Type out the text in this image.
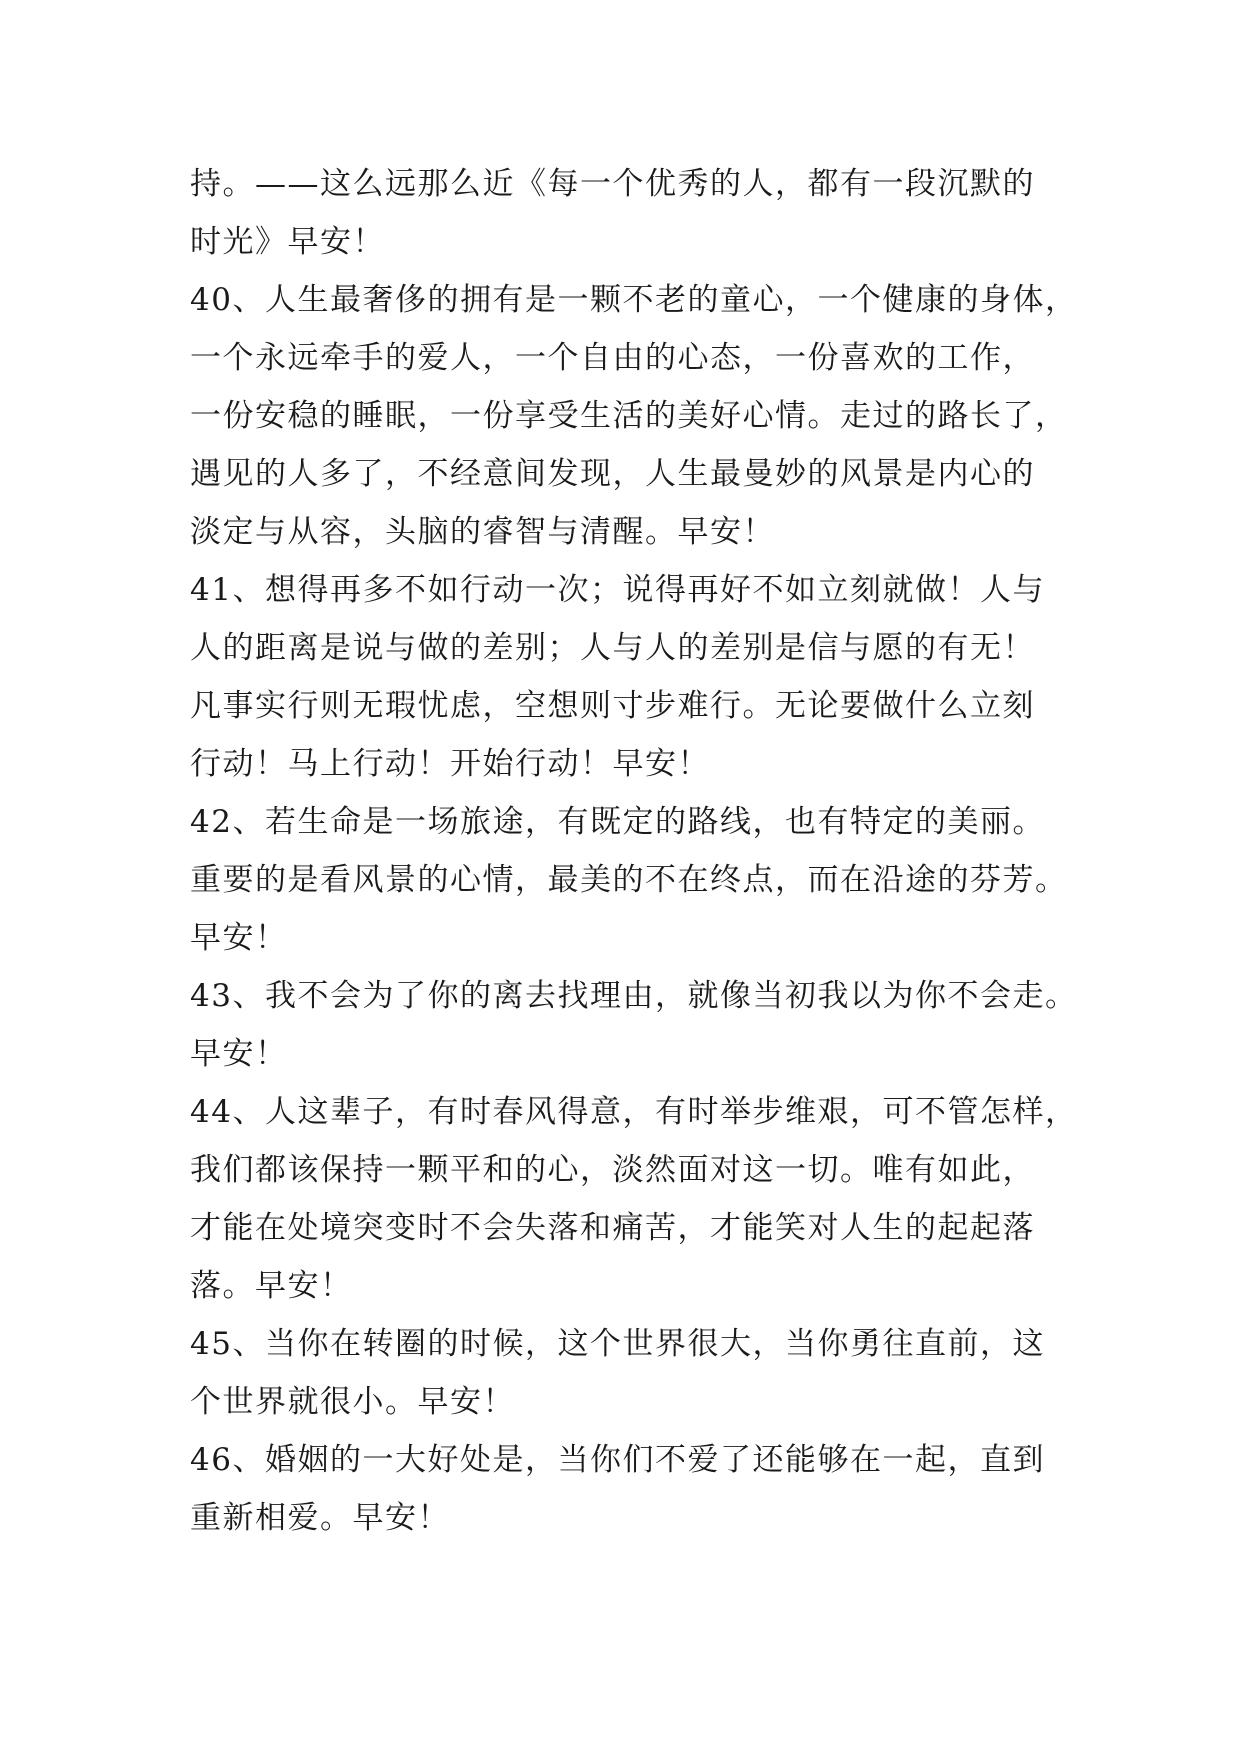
持。——这么远那么近《每一个优秀的人，都有一段沉默的
时光》早安！
40、人生最奢侈的拥有是一颗不老的童心，一个健康的身体，
一个永远牵手的爱人，一个自由的心态，一份喜欢的工作，
一份安稳的睡眠，一份享受生活的美好心情。走过的路长了，
遇见的人多了，不经意间发现，人生最曼妙的风景是内心的
淡定与从容，头脑的睿智与清醒。早安！
41、想得再多不如行动一次；说得再好不如立刻就做！人与
人的距离是说与做的差别；人与人的差别是信与愿的有无！
凡事实行则无瑕忧虑，空想则寸步难行。无论要做什么立刻
行动！马上行动！开始行动！早安！
42、若生命是一场旅途，有既定的路线，也有特定的美丽。
重要的是看风景的心情，最美的不在终点，而在沿途的芬芳。
早安！
43、我不会为了你的离去找理由，就像当初我以为你不会走。
早安！
44、人这辈子，有时春风得意，有时举步维艰，可不管怎样，
我们都该保持一颗平和的心，淡然面对这一切。唯有如此，
才能在处境突变时不会失落和痛苦，才能笑对人生的起起落
落。早安！
45、当你在转圈的时候，这个世界很大，当你勇往直前，这
个世界就很小。早安！
46、婚姻的一大好处是，当你们不爱了还能够在一起，直到
重新相爱。早安！
